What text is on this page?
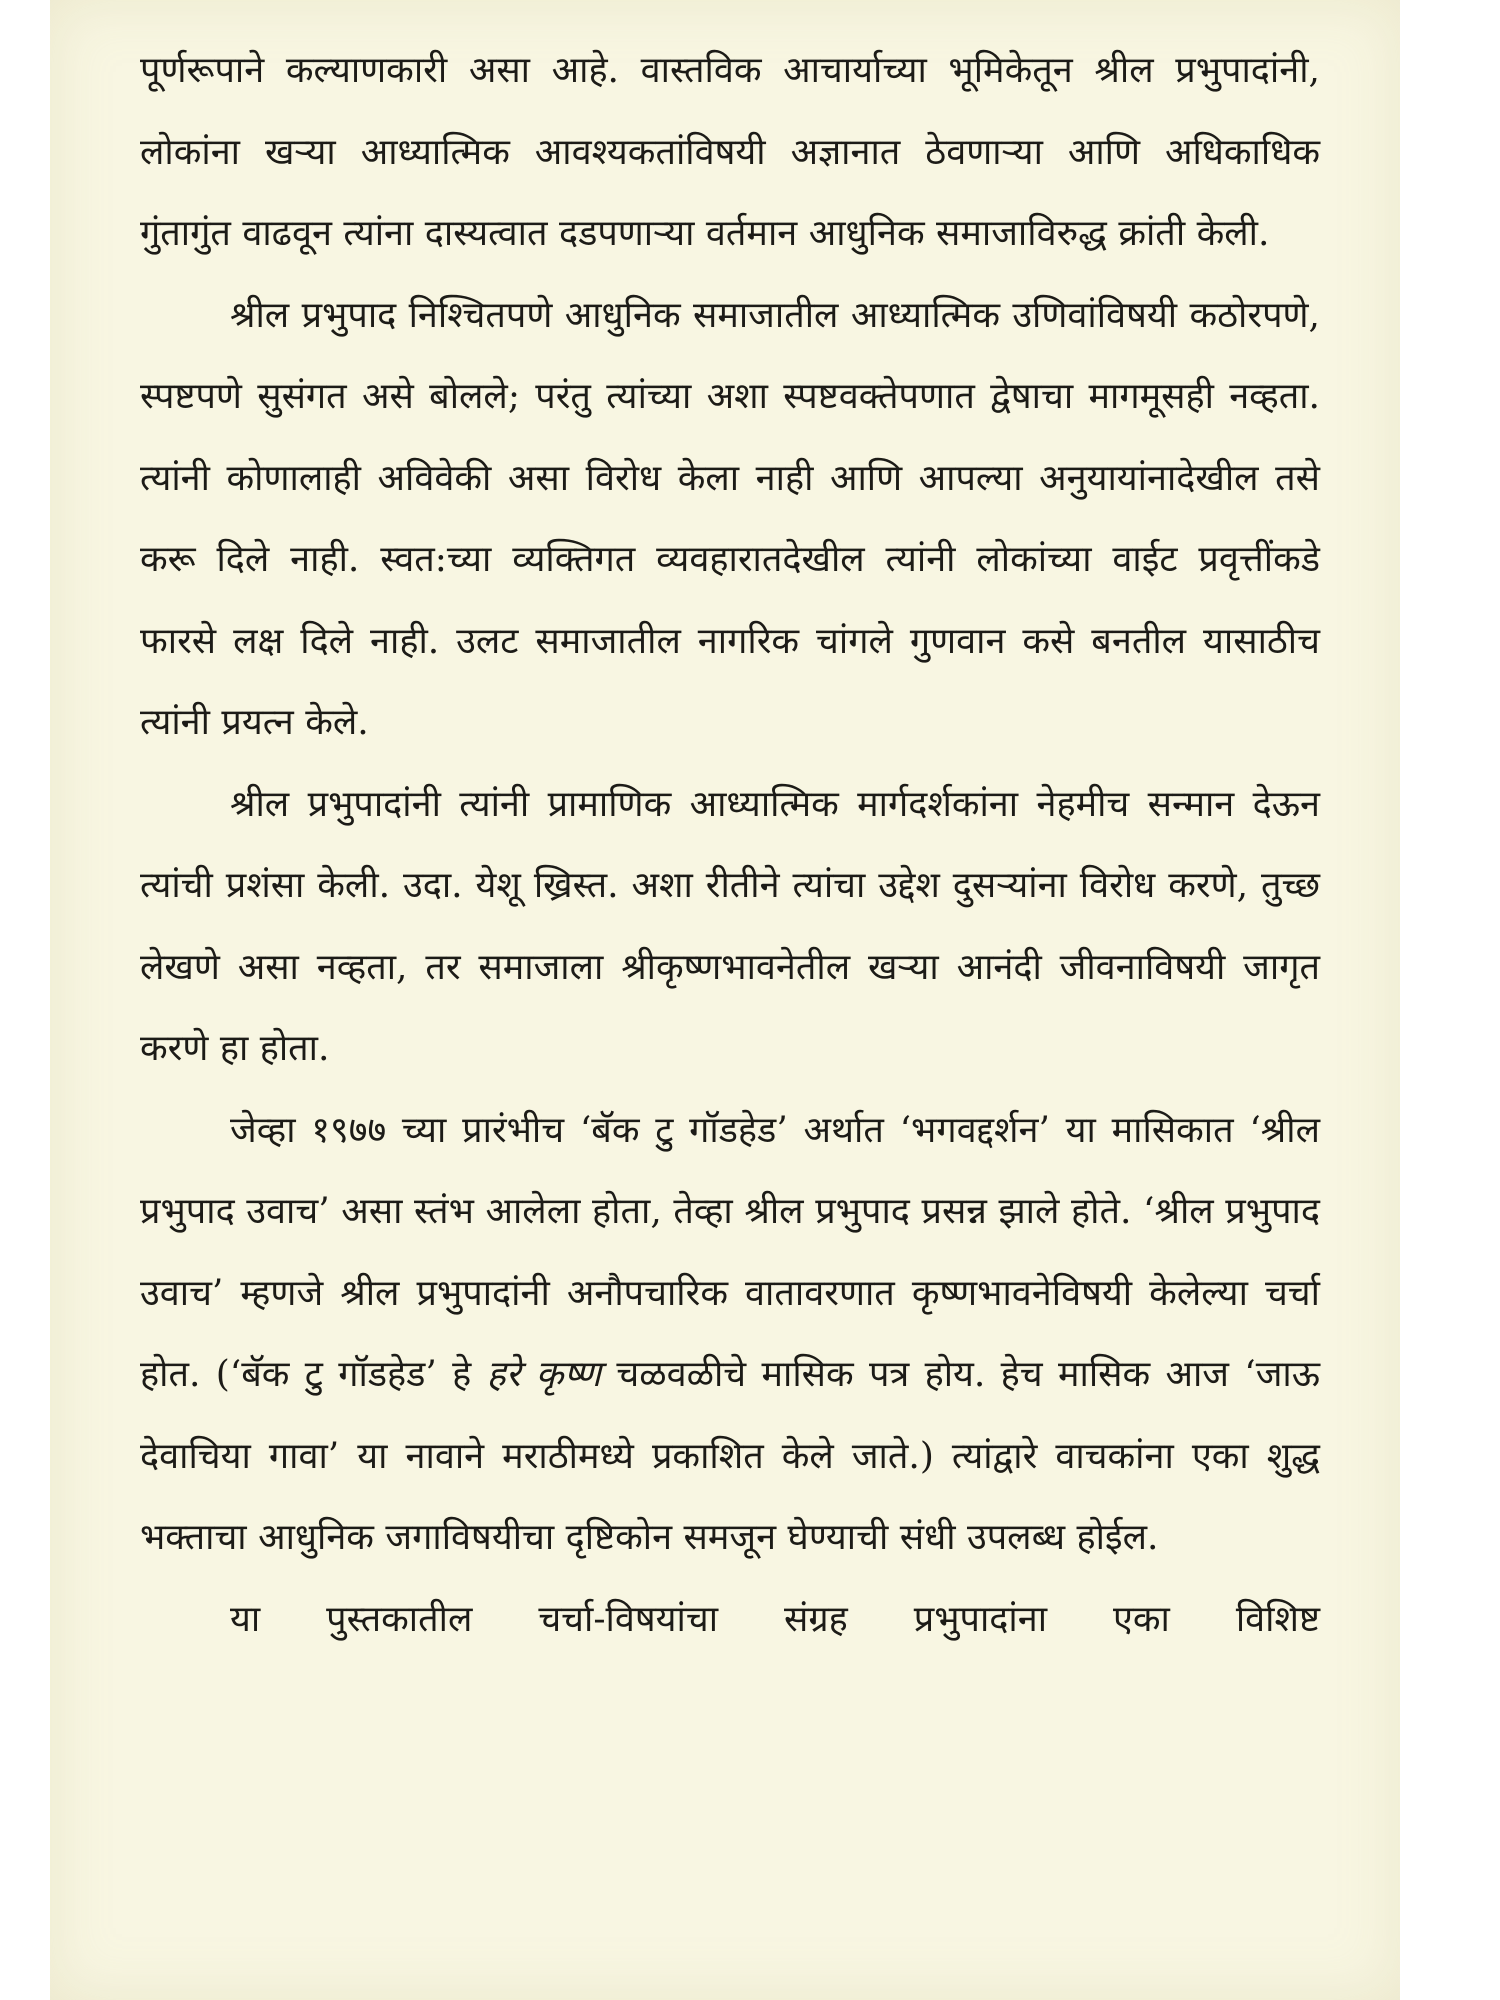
पूर्णरूपाने कल्याणकारी असा आहे. वास्तविक आचार्याच्या भूमिकेतून श्रील प्रभुपादांनी, लोकांना खऱ्या आध्यात्मिक आवश्यकतांविषयी अज्ञानात ठेवणाऱ्या आणि अधिकाधिक गुंतागुंत वाढवून त्यांना दास्यत्वात दडपणाऱ्या वर्तमान आधुनिक समाजाविरुद्ध क्रांती केली.

श्रील प्रभुपाद निश्चितपणे आधुनिक समाजातील आध्यात्मिक उणिवांविषयी कठोरपणे, स्पष्टपणे सुसंगत असे बोलले; परंतु त्यांच्या अशा स्पष्टवक्तेपणात द्वेषाचा मागमूसही नव्हता. त्यांनी कोणालाही अविवेकी असा विरोध केला नाही आणि आपल्या अनुयायांनादेखील तसे करू दिले नाही. स्वत:च्या व्यक्तिगत व्यवहारातदेखील त्यांनी लोकांच्या वाईट प्रवृत्तींकडे फारसे लक्ष दिले नाही. उलट समाजातील नागरिक चांगले गुणवान कसे बनतील यासाठीच त्यांनी प्रयत्न केले.

श्रील प्रभुपादांनी त्यांनी प्रामाणिक आध्यात्मिक मार्गदर्शकांना नेहमीच सन्मान देऊन त्यांची प्रशंसा केली. उदा. येशू ख्रिस्त. अशा रीतीने त्यांचा उद्देश दुसऱ्यांना विरोध करणे, तुच्छ लेखणे असा नव्हता, तर समाजाला श्रीकृष्णभावनेतील खऱ्या आनंदी जीवनाविषयी जागृत करणे हा होता.

जेव्हा १९७७ च्या प्रारंभीच ‘बॅक टु गॉडहेड’ अर्थात ‘भगवद्दर्शन’ या मासिकात ‘श्रील प्रभुपाद उवाच’ असा स्तंभ आलेला होता, तेव्हा श्रील प्रभुपाद प्रसन्न झाले होते. ‘श्रील प्रभुपाद उवाच’ म्हणजे श्रील प्रभुपादांनी अनौपचारिक वातावरणात कृष्णभावनेविषयी केलेल्या चर्चा होत. (‘बॅक टु गॉडहेड’ हे हरे कृष्ण चळवळीचे मासिक पत्र होय. हेच मासिक आज ‘जाऊ देवाचिया गावा’ या नावाने मराठीमध्ये प्रकाशित केले जाते.) त्यांद्वारे वाचकांना एका शुद्ध भक्ताचा आधुनिक जगाविषयीचा दृष्टिकोन समजून घेण्याची संधी उपलब्ध होईल.

या पुस्तकातील चर्चा-विषयांचा संग्रह प्रभुपादांना एका विशिष्ट
